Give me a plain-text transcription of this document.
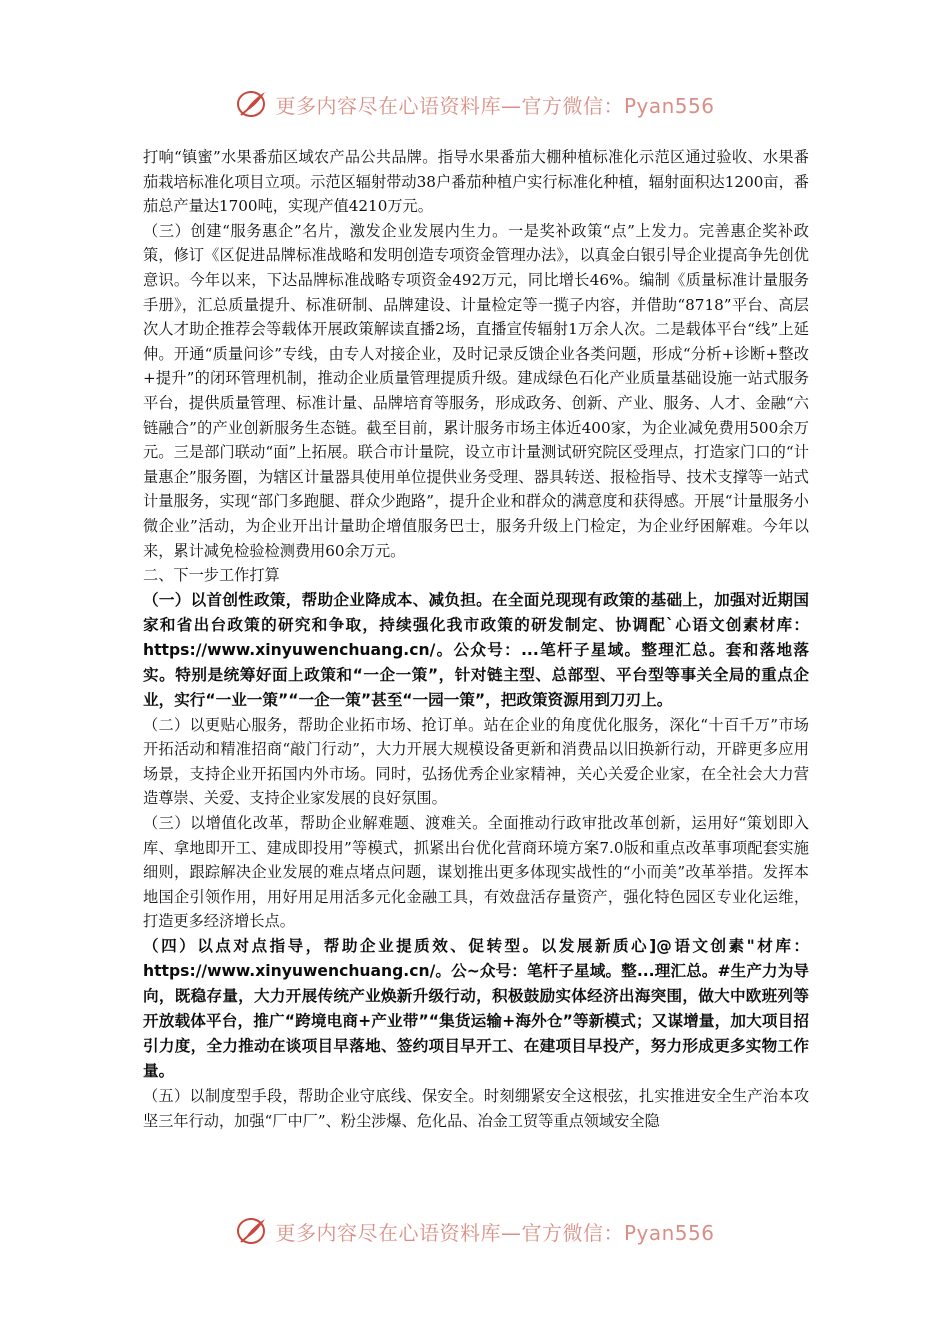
更多内容尽在心语资料库—官方微信：Pyan556

打响“镇蜜”水果番茄区域农产品公共品牌。指导水果番茄大棚种植标准化示范区通过验收、水果番茄栽培标准化项目立项。示范区辐射带动38户番茄种植户实行标准化种植，辐射面积达1200亩，番茄总产量达1700吨，实现产值4210万元。

（三）创建“服务惠企”名片，激发企业发展内生力。一是奖补政策“点”上发力。完善惠企奖补政策，修订《区促进品牌标准战略和发明创造专项资金管理办法》，以真金白银引导企业提高争先创优意识。今年以来，下达品牌标准战略专项资金492万元，同比增长46%。编制《质量标准计量服务手册》，汇总质量提升、标准研制、品牌建设、计量检定等一揽子内容，并借助“8718”平台、高层次人才助企推荐会等载体开展政策解读直播2场，直播宣传辐射1万余人次。二是载体平台“线”上延伸。开通“质量问诊”专线，由专人对接企业，及时记录反馈企业各类问题，形成“分析+诊断+整改+提升”的闭环管理机制，推动企业质量管理提质升级。建成绿色石化产业质量基础设施一站式服务平台，提供质量管理、标准计量、品牌培育等服务，形成政务、创新、产业、服务、人才、金融“六链融合”的产业创新服务生态链。截至目前，累计服务市场主体近400家，为企业减免费用500余万元。三是部门联动“面”上拓展。联合市计量院，设立市计量测试研究院区受理点，打造家门口的“计量惠企”服务圈，为辖区计量器具使用单位提供业务受理、器具转送、报检指导、技术支撑等一站式计量服务，实现“部门多跑腿、群众少跑路”，提升企业和群众的满意度和获得感。开展“计量服务小微企业”活动，为企业开出计量助企增值服务巴士，服务升级上门检定，为企业纾困解难。今年以来，累计减免检验检测费用60余万元。

二、下一步工作打算

（一）以首创性政策，帮助企业降成本、减负担。在全面兑现现有政策的基础上，加强对近期国家和省出台政策的研究和争取，持续强化我市政策的研发制定、协调配`心语文创素材库：https://www.xinyuwenchuang.cn/。公众号：...笔杆子星域。整理汇总。套和落地落实。特别是统筹好面上政策和“一企一策”，针对链主型、总部型、平台型等事关全局的重点企业，实行“一业一策”“一企一策”甚至“一园一策”，把政策资源用到刀刃上。

（二）以更贴心服务，帮助企业拓市场、抢订单。站在企业的角度优化服务，深化“十百千万”市场开拓活动和精准招商“敲门行动”，大力开展大规模设备更新和消费品以旧换新行动，开辟更多应用场景，支持企业开拓国内外市场。同时，弘扬优秀企业家精神，关心关爱企业家，在全社会大力营造尊崇、关爱、支持企业家发展的良好氛围。

（三）以增值化改革，帮助企业解难题、渡难关。全面推动行政审批改革创新，运用好“策划即入库、拿地即开工、建成即投用”等模式，抓紧出台优化营商环境方案7.0版和重点改革事项配套实施细则，跟踪解决企业发展的难点堵点问题，谋划推出更多体现实战性的“小而美”改革举措。发挥本地国企引领作用，用好用足用活多元化金融工具，有效盘活存量资产，强化特色园区专业化运维，打造更多经济增长点。

（四）以点对点指导，帮助企业提质效、促转型。以发展新质心]@语文创素"材库：https://www.xinyuwenchuang.cn/。公~众号：笔杆子星域。整...理汇总。#生产力为导向，既稳存量，大力开展传统产业焕新升级行动，积极鼓励实体经济出海突围，做大中欧班列等开放载体平台，推广“跨境电商+产业带”“集货运输+海外仓”等新模式；又谋增量，加大项目招引力度，全力推动在谈项目早落地、签约项目早开工、在建项目早投产，努力形成更多实物工作量。

（五）以制度型手段，帮助企业守底线、保安全。时刻绷紧安全这根弦，扎实推进安全生产治本攻坚三年行动，加强“厂中厂”、粉尘涉爆、危化品、冶金工贸等重点领域安全隐

更多内容尽在心语资料库—官方微信：Pyan556
